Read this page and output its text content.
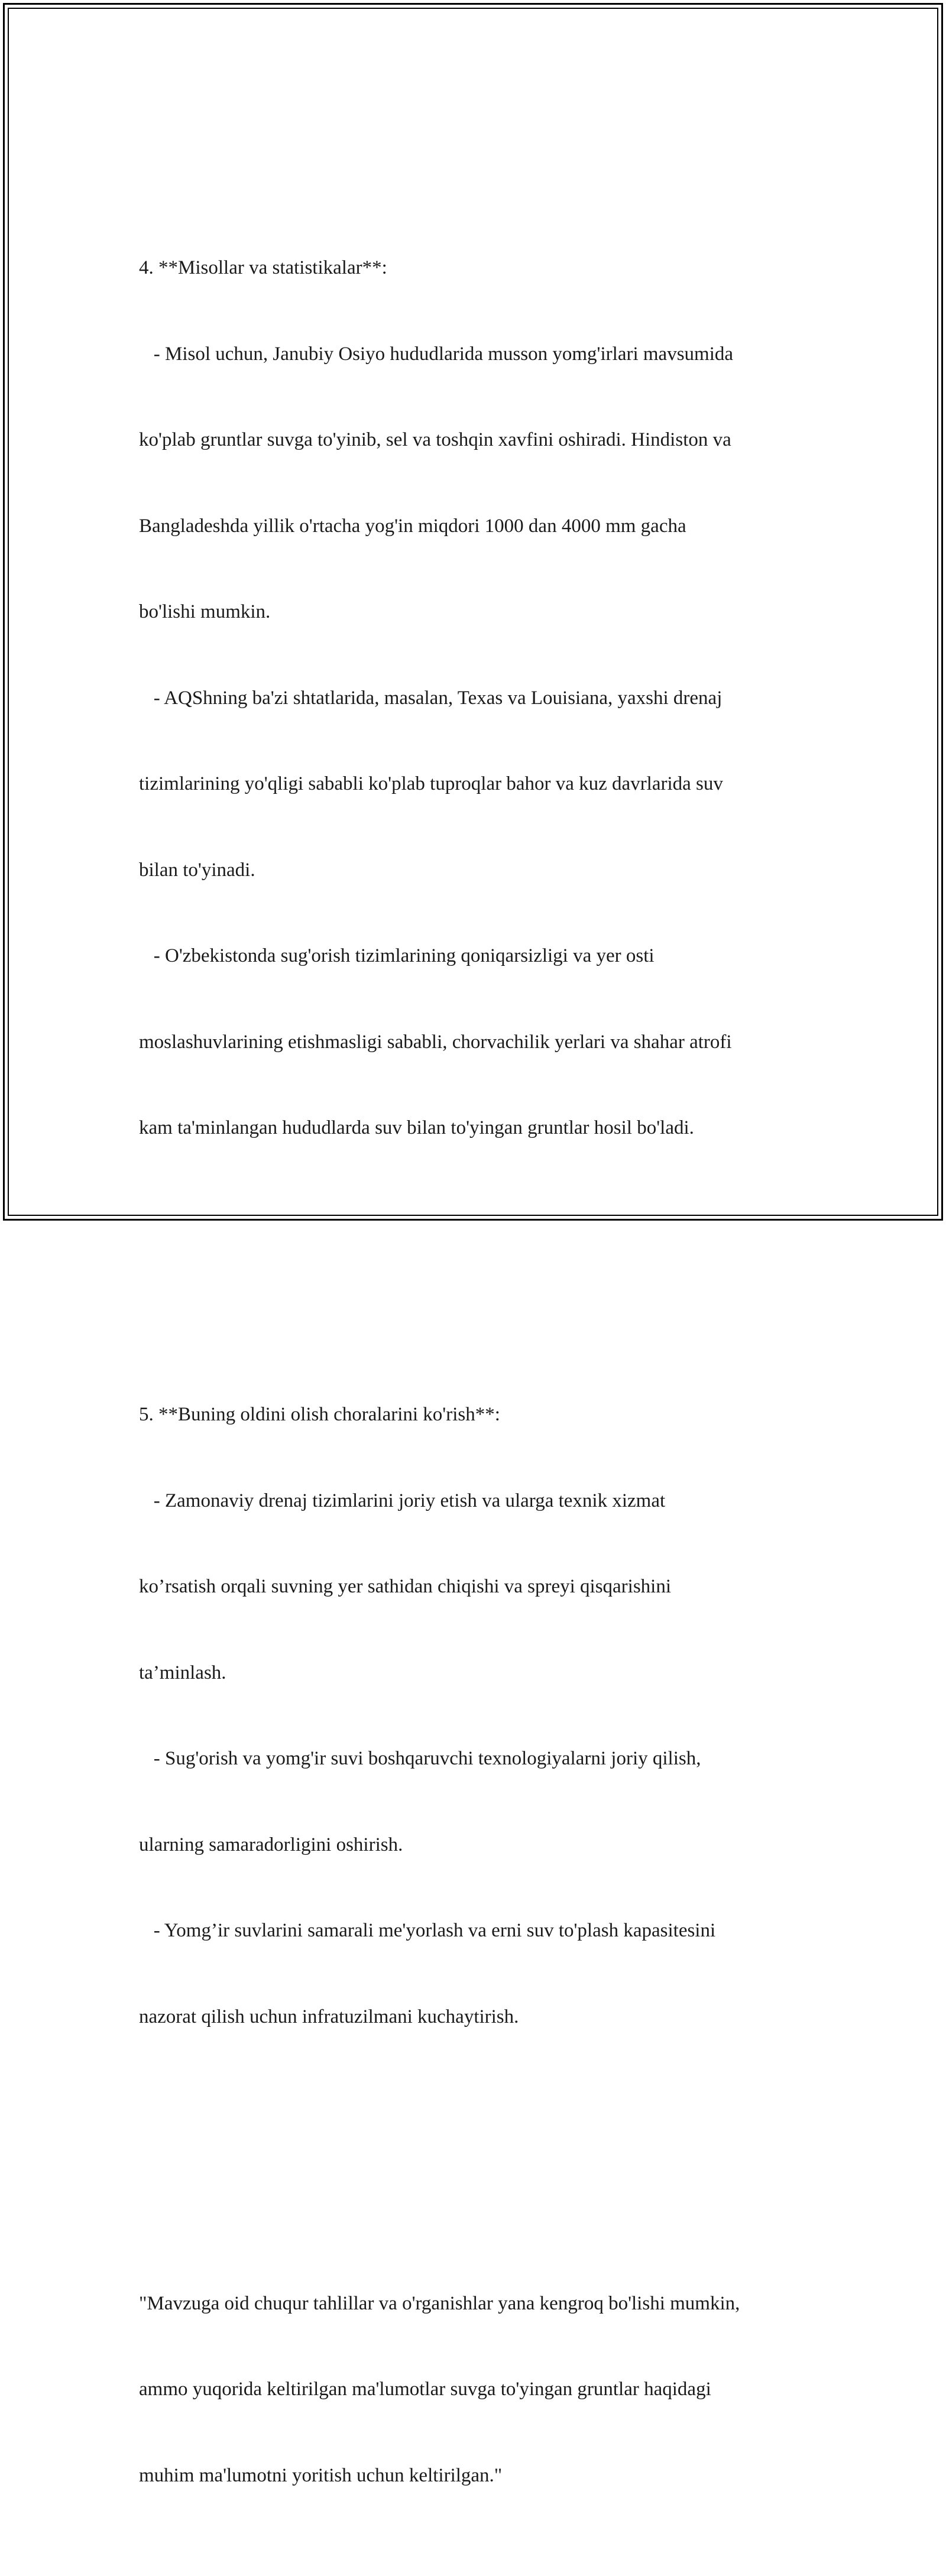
4. **Misollar va statistikalar**:

- Misol uchun, Janubiy Osiyo hududlarida musson yomg'irlari mavsumida

ko'plab gruntlar suvga to'yinib, sel va toshqin xavfini oshiradi. Hindiston va

Bangladeshda yillik o'rtacha yog'in miqdori 1000 dan 4000 mm gacha

bo'lishi mumkin.

- AQShning ba'zi shtatlarida, masalan, Texas va Louisiana, yaxshi drenaj

tizimlarining yo'qligi sababli ko'plab tuproqlar bahor va kuz davrlarida suv

bilan to'yinadi.

- O'zbekistonda sug'orish tizimlarining qoniqarsizligi va yer osti

moslashuvlarining etishmasligi sababli, chorvachilik yerlari va shahar atrofi

kam ta'minlangan hududlarda suv bilan to'yingan gruntlar hosil bo'ladi.

5. **Buning oldini olish choralarini ko'rish**:

- Zamonaviy drenaj tizimlarini joriy etish va ularga texnik xizmat

ko’rsatish orqali suvning yer sathidan chiqishi va spreyi qisqarishini

ta’minlash.

- Sug'orish va yomg'ir suvi boshqaruvchi texnologiyalarni joriy qilish,

ularning samaradorligini oshirish.

- Yomg’ir suvlarini samarali me'yorlash va erni suv to'plash kapasitesini

nazorat qilish uchun infratuzilmani kuchaytirish.

"Mavzuga oid chuqur tahlillar va o'rganishlar yana kengroq bo'lishi mumkin,

ammo yuqorida keltirilgan ma'lumotlar suvga to'yingan gruntlar haqidagi

muhim ma'lumotni yoritish uchun keltirilgan."
